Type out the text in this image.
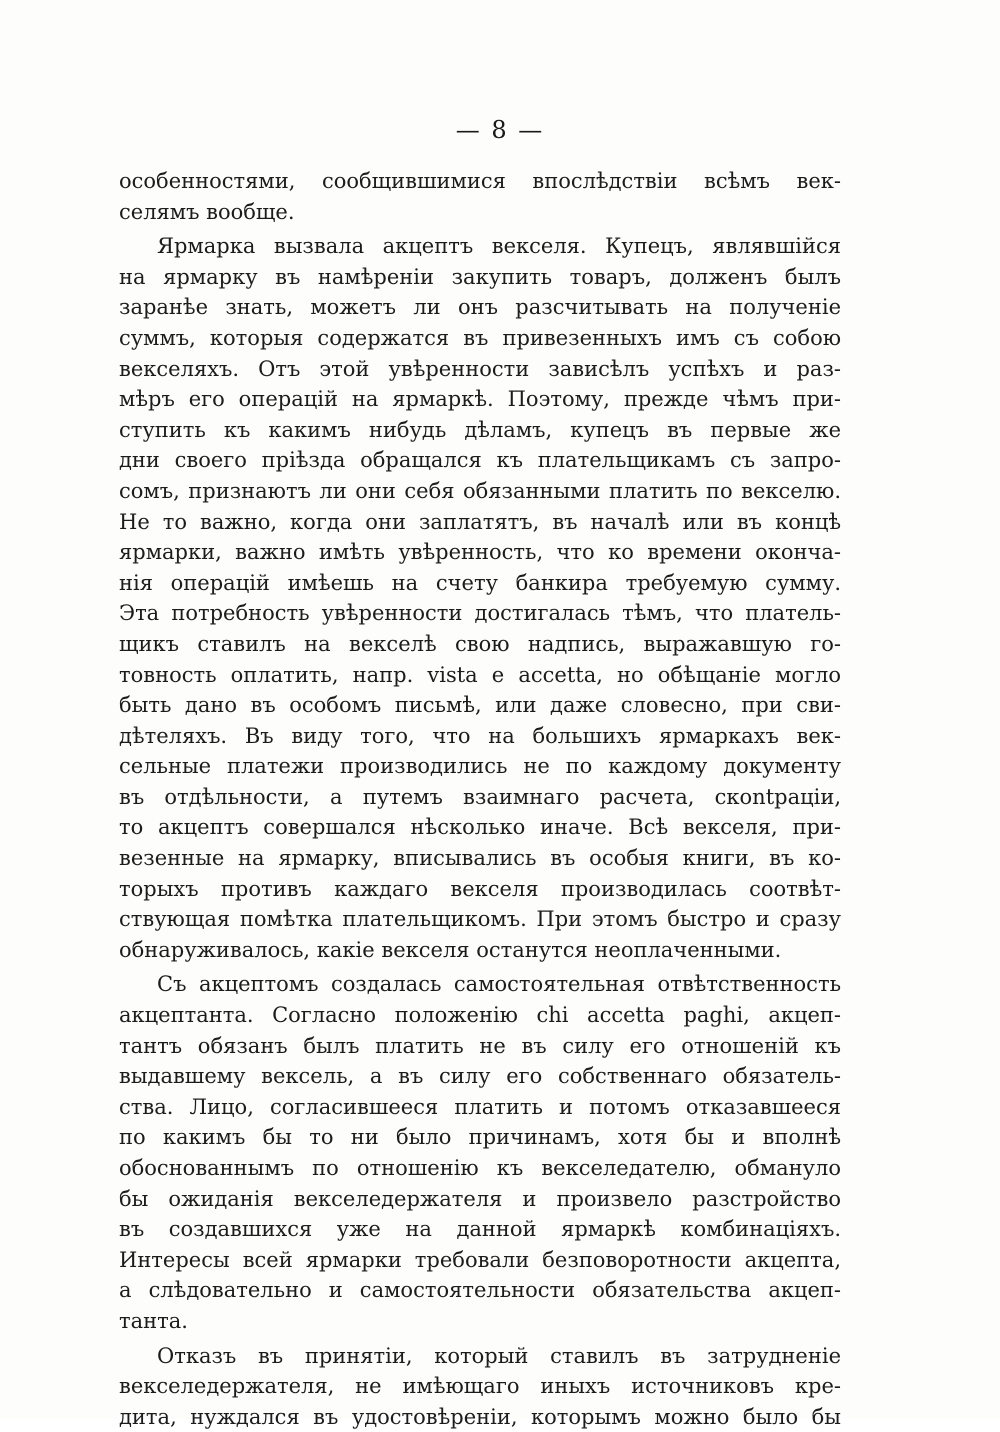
— 8 —
особенностями, сообщившимися впослѣдствіи всѣмъ век-
селямъ вообще.
Ярмарка вызвала акцептъ векселя. Купецъ, являвшійся
на ярмарку въ намѣреніи закупить товаръ, долженъ былъ
заранѣе знать, можетъ ли онъ разсчитывать на полученіе
суммъ, которыя содержатся въ привезенныхъ имъ съ собою
векселяхъ. Отъ этой увѣренности зависѣлъ успѣхъ и раз-
мѣръ его операцій на ярмаркѣ. Поэтому, прежде чѣмъ при-
ступить къ какимъ нибудь дѣламъ, купецъ въ первые же
дни своего пріѣзда обращался къ плательщикамъ съ запро-
сомъ, признаютъ ли они себя обязанными платить по векселю.
Не то важно, когда они заплатятъ, въ началѣ или въ концѣ
ярмарки, важно имѣть увѣренность, что ко времени оконча-
нія операцій имѣешь на счету банкира требуемую сумму.
Эта потребность увѣренности достигалась тѣмъ, что платель-
щикъ ставилъ на векселѣ свою надпись, выражавшую го-
товность оплатить, напр. vista e accetta, но обѣщаніе могло
быть дано въ особомъ письмѣ, или даже словесно, при сви-
дѣтеляхъ. Въ виду того, что на большихъ ярмаркахъ век-
сельные платежи производились не по каждому документу
въ отдѣльности, а путемъ взаимнаго расчета, скontраціи,
то акцептъ совершался нѣсколько иначе. Всѣ векселя, при-
везенные на ярмарку, вписывались въ особыя книги, въ ко-
торыхъ противъ каждаго векселя производилась соотвѣт-
ствующая помѣтка плательщикомъ. При этомъ быстро и сразу
обнаруживалось, какіе векселя останутся неоплаченными.
Съ акцептомъ создалась самостоятельная отвѣтственность
акцептанта. Согласно положенію chi accetta paghi, акцеп-
тантъ обязанъ былъ платить не въ силу его отношеній къ
выдавшему вексель, а въ силу его собственнаго обязатель-
ства. Лицо, согласившееся платить и потомъ отказавшееся
по какимъ бы то ни было причинамъ, хотя бы и вполнѣ
обоснованнымъ по отношенію къ векселедателю, обмануло
бы ожиданія векселедержателя и произвело разстройство
въ создавшихся уже на данной ярмаркѣ комбинаціяхъ.
Интересы всей ярмарки требовали безповоротности акцепта,
а слѣдовательно и самостоятельности обязательства акцеп-
танта.
Отказъ въ принятіи, который ставилъ въ затрудненіе
векселедержателя, не имѣющаго иныхъ источниковъ кре-
дита, нуждался въ удостовѣреніи, которымъ можно было бы
